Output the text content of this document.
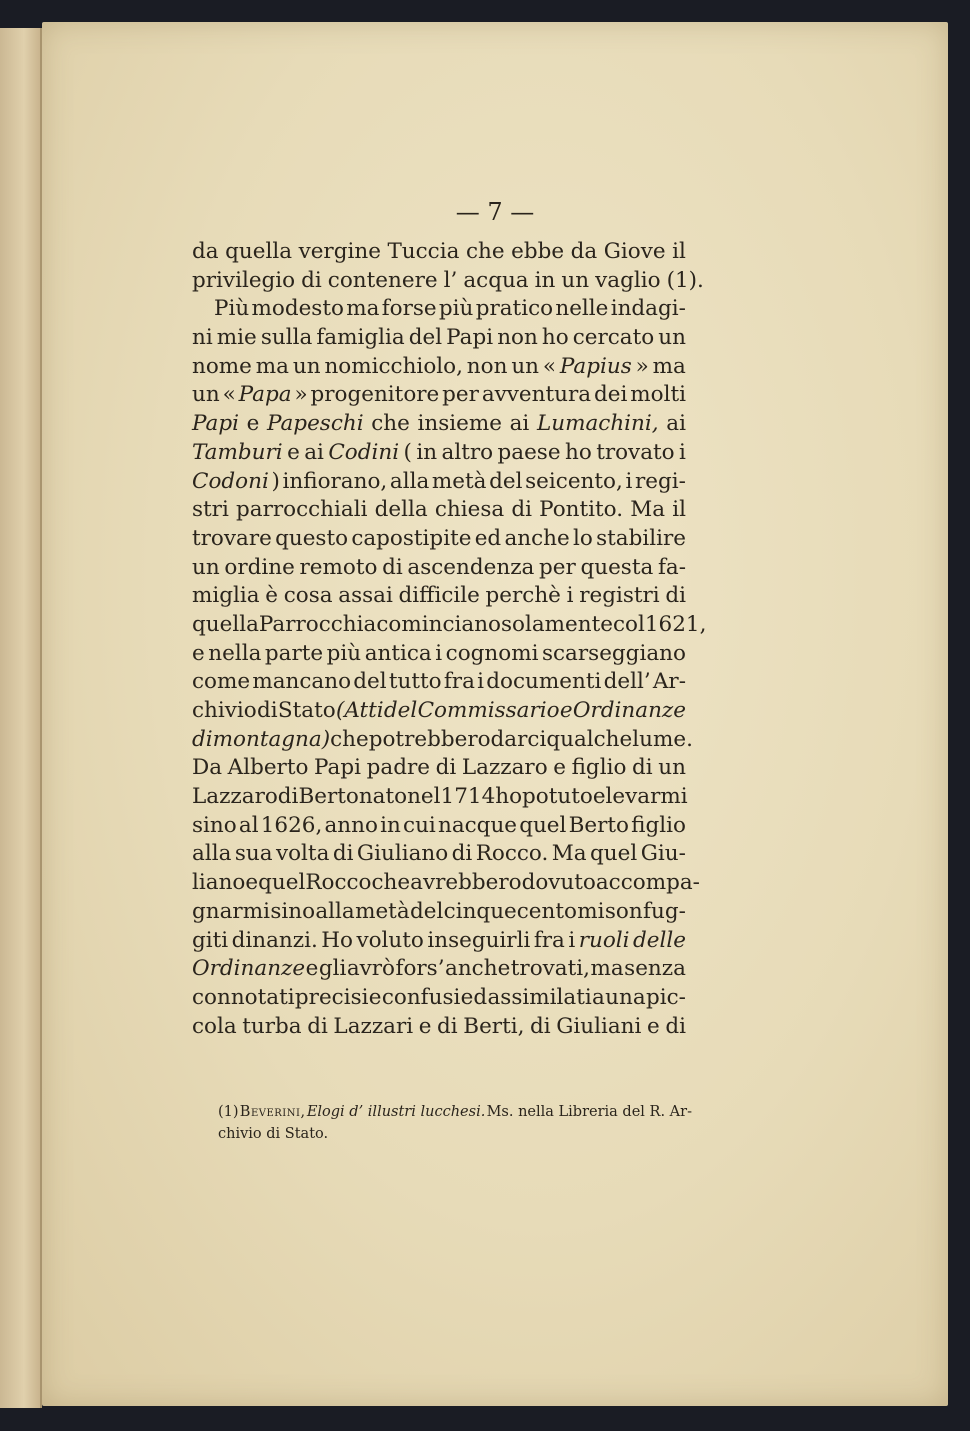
— 7 —
da quella vergine Tuccia che ebbe da Giove il
privilegio di contenere l’ acqua in un vaglio (1).
Più modesto ma forse più pratico nelle indagi-
ni mie sulla famiglia del Papi non ho cercato un
nome ma un nomicchiolo, non un « Papius » ma
un « Papa » progenitore per avventura dei molti
Papi e Papeschi che insieme ai Lumachini, ai
Tamburi e ai Codini ( in altro paese ho trovato i
Codoni ) infiorano, alla metà del seicento, i regi-
stri parrocchiali della chiesa di Pontito. Ma il
trovare questo capostipite ed anche lo stabilire
un ordine remoto di ascendenza per questa fa-
miglia è cosa assai difficile perchè i registri di
quella Parrocchia cominciano solamente col 1621,
e nella parte più antica i cognomi scarseggiano
come mancano del tutto fra i documenti dell’ Ar-
chivio di Stato (Atti del Commissario e Ordinanze
di montagna) che potrebbero darci qualche lume.
Da Alberto Papi padre di Lazzaro e figlio di un
Lazzaro di Berto nato nel 1714 ho potuto elevarmi
sino al 1626, anno in cui nacque quel Berto figlio
alla sua volta di Giuliano di Rocco. Ma quel Giu-
liano e quel Rocco che avrebbero dovuto accompa-
gnarmi sino alla metà del cinquecento mi son fug-
giti dinanzi. Ho voluto inseguirli fra i ruoli delle
Ordinanze e gli avrò fors’ anche trovati, ma senza
connotati precisi e confusi ed assimilati a una pic-
cola turba di Lazzari e di Berti, di Giuliani e di
(1) Beverini, Elogi d’ illustri lucchesi. Ms. nella Libreria del R. Ar-
chivio di Stato.
